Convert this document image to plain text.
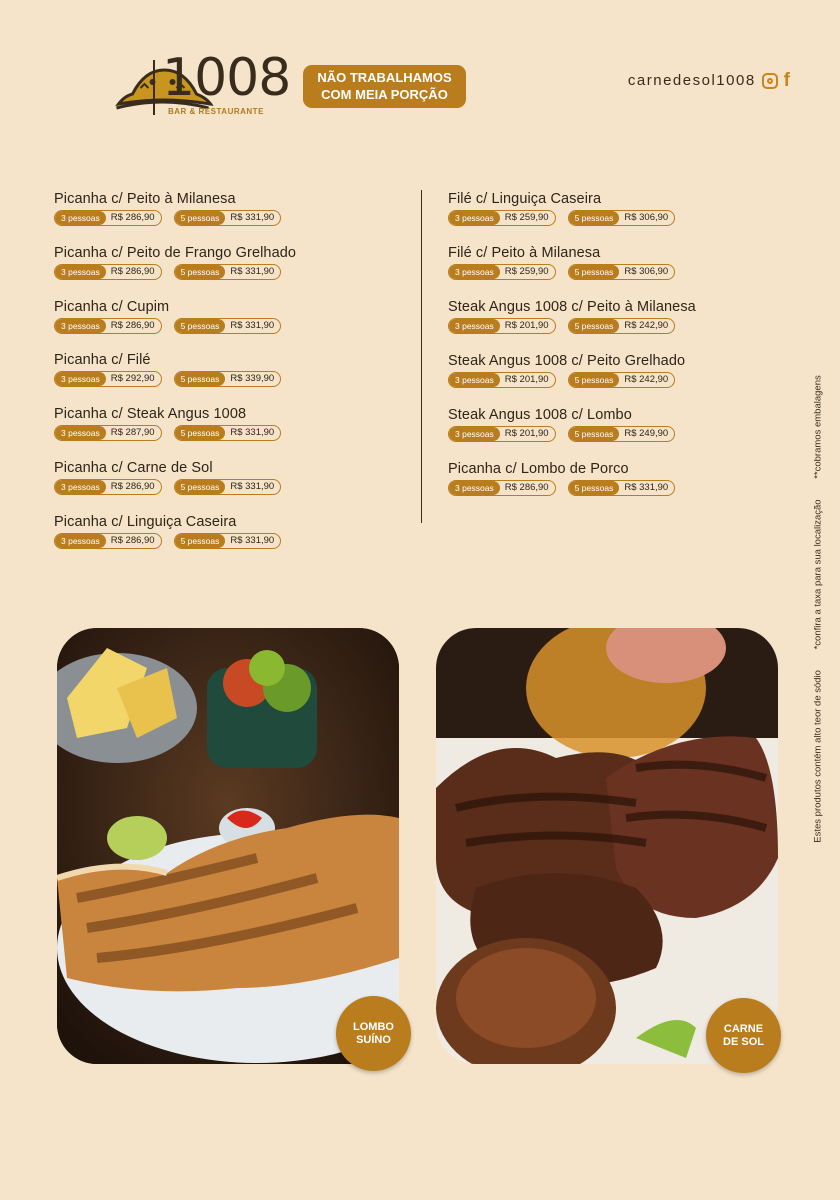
1008
BAR & RESTAURANTE
NÃO TRABALHAMOS
COM MEIA PORÇÃO
carnedesol1008 f
Picanha c/ Peito à Milanesa
3 pessoas	R$ 286,90	5 pessoas	R$ 331,90
Picanha c/ Peito de Frango Grelhado
3 pessoas	R$ 286,90	5 pessoas	R$ 331,90
Picanha c/ Cupim
3 pessoas	R$ 286,90	5 pessoas	R$ 331,90
Picanha c/ Filé
3 pessoas	R$ 292,90	5 pessoas	R$ 339,90
Picanha c/ Steak Angus 1008
3 pessoas	R$ 287,90	5 pessoas	R$ 331,90
Picanha c/ Carne de Sol
3 pessoas	R$ 286,90	5 pessoas	R$ 331,90
Picanha c/ Linguiça Caseira
3 pessoas	R$ 286,90	5 pessoas	R$ 331,90
Filé c/ Linguiça Caseira
3 pessoas	R$ 259,90	5 pessoas	R$ 306,90
Filé c/ Peito à Milanesa
3 pessoas	R$ 259,90	5 pessoas	R$ 306,90
Steak Angus 1008 c/ Peito à Milanesa
3 pessoas	R$ 201,90	5 pessoas	R$ 242,90
Steak Angus 1008 c/ Peito Grelhado
3 pessoas	R$ 201,90	5 pessoas	R$ 242,90
Steak Angus 1008 c/ Lombo
3 pessoas	R$ 201,90	5 pessoas	R$ 249,90
Picanha c/ Lombo de Porco
3 pessoas	R$ 286,90	5 pessoas	R$ 331,90
LOMBO
SUÍNO
CARNE
DE SOL
Estes produtos contém alto teor de sódio *confira a taxa para sua localização **cobramos embalagens
